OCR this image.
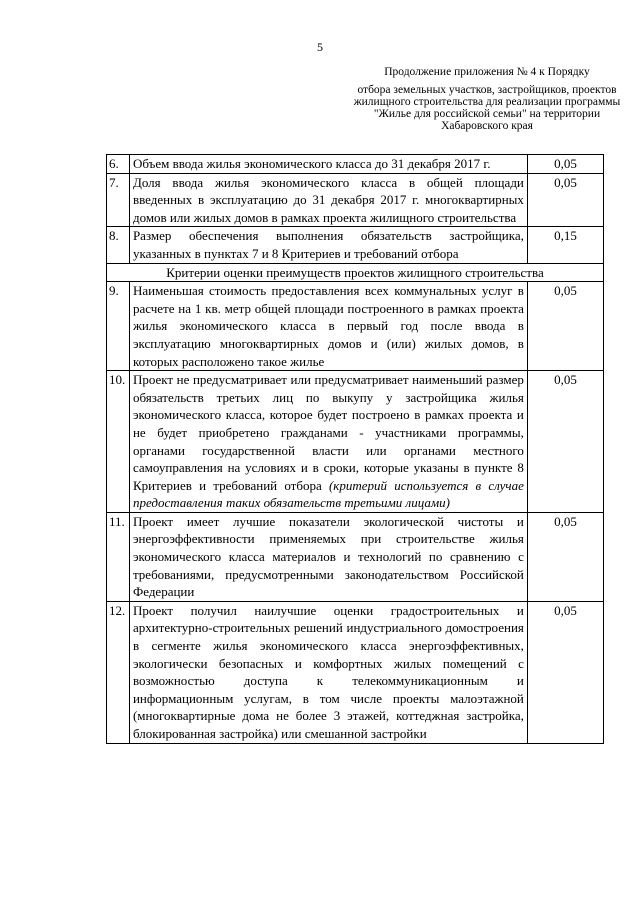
5
Продолжение приложения № 4 к Порядку
отбора земельных участков, застройщиков, проектов жилищного строительства для реализации программы "Жилье для российской семьи" на территории Хабаровского края
6.	Объем ввода жилья экономического класса до 31 декабря 2017 г.	0,05
7.	Доля ввода жилья экономического класса в общей площади введенных в эксплуатацию до 31 декабря 2017 г. многоквартирных домов или жилых домов в рамках проекта жилищного строительства	0,05
8.	Размер обеспечения выполнения обязательств застройщика, указанных в пунктах 7 и 8 Критериев и требований отбора	0,15
Критерии оценки преимуществ проектов жилищного строительства		
9.	Наименьшая стоимость предоставления всех коммунальных услуг в расчете на 1 кв. метр общей площади построенного в рамках проекта жилья экономического класса в первый год после ввода в эксплуатацию многоквартирных домов и (или) жилых домов, в которых расположено такое жилье	0,05
10.	Проект не предусматривает или предусматривает наименьший размер обязательств третьих лиц по выкупу у застройщика жилья экономического класса, которое будет построено в рамках проекта и не будет приобретено гражданами - участниками программы, органами государственной власти или органами местного самоуправления на условиях и в сроки, которые указаны в пункте 8 Критериев и требований отбора (критерий используется в случае предоставления таких обязательств третьими лицами)	0,05
11.	Проект имеет лучшие показатели экологической чистоты и энергоэффективности применяемых при строительстве жилья экономического класса материалов и технологий по сравнению с требованиями, предусмотренными законодательством Российской Федерации	0,05
12.	Проект получил наилучшие оценки градостроительных и архитектурно-строительных решений индустриального домостроения в сегменте жилья экономического класса энергоэффективных, экологически безопасных и комфортных жилых помещений с возможностью доступа к телекоммуникационным и информационным услугам, в том числе проекты малоэтажной (многоквартирные дома не более 3 этажей, коттеджная застройка, блокированная застройка) или смешанной застройки	0,05
